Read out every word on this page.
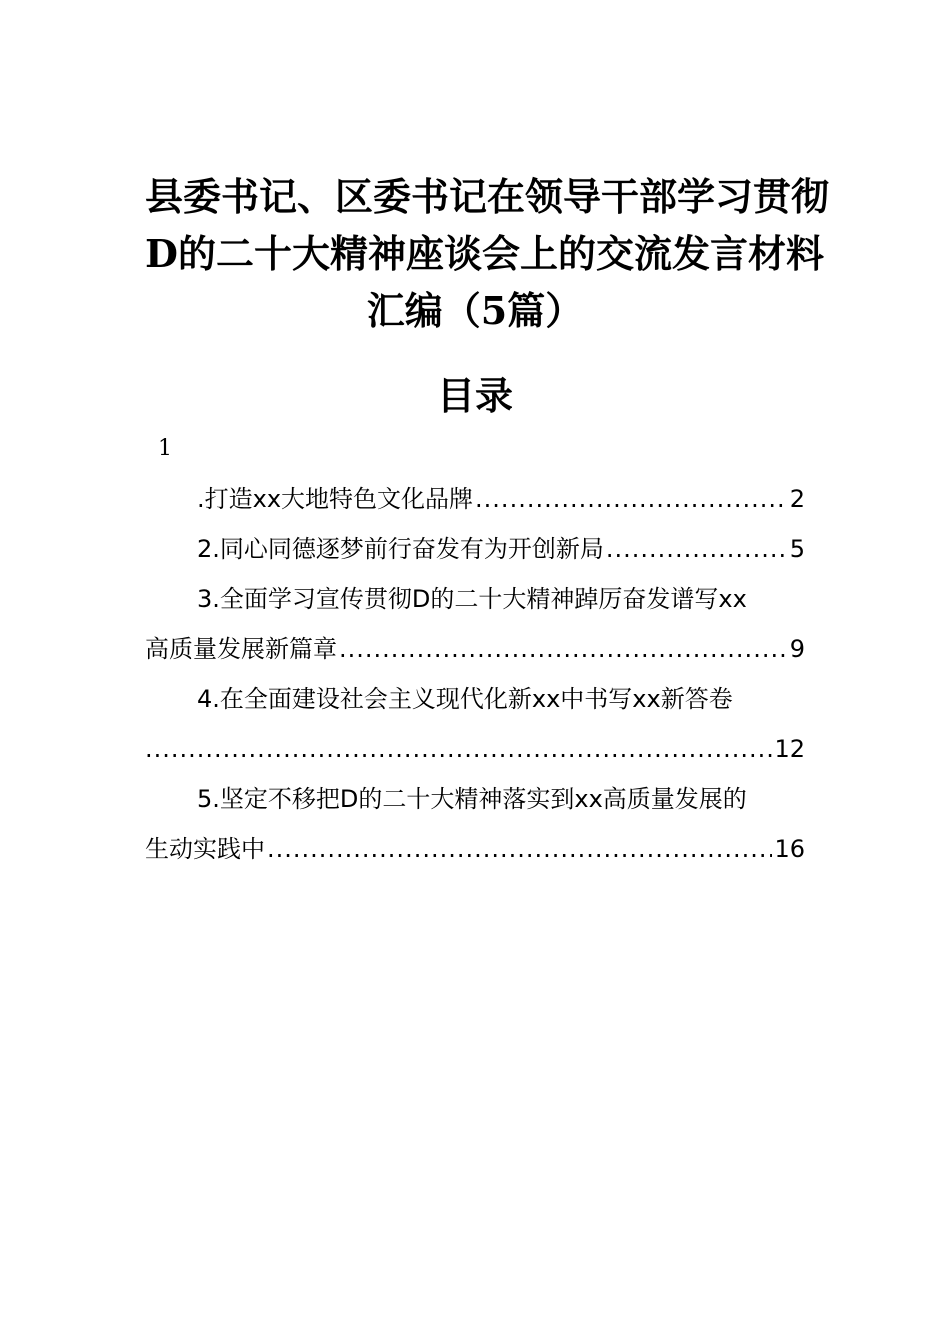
县委书记、区委书记在领导干部学习贯彻
D的二十大精神座谈会上的交流发言材料
汇编（5篇）
目录
1
.打造xx大地特色文化品牌 .....	2
2.同心同德逐梦前行奋发有为开创新局 .....	5
3.全面学习宣传贯彻D的二十大精神踔厉奋发谱写xx
高质量发展新篇章 .....	9
4.在全面建设社会主义现代化新xx中书写xx新答卷
.....
12
5.坚定不移把D的二十大精神落实到xx高质量发展的
生动实践中 .....	16
